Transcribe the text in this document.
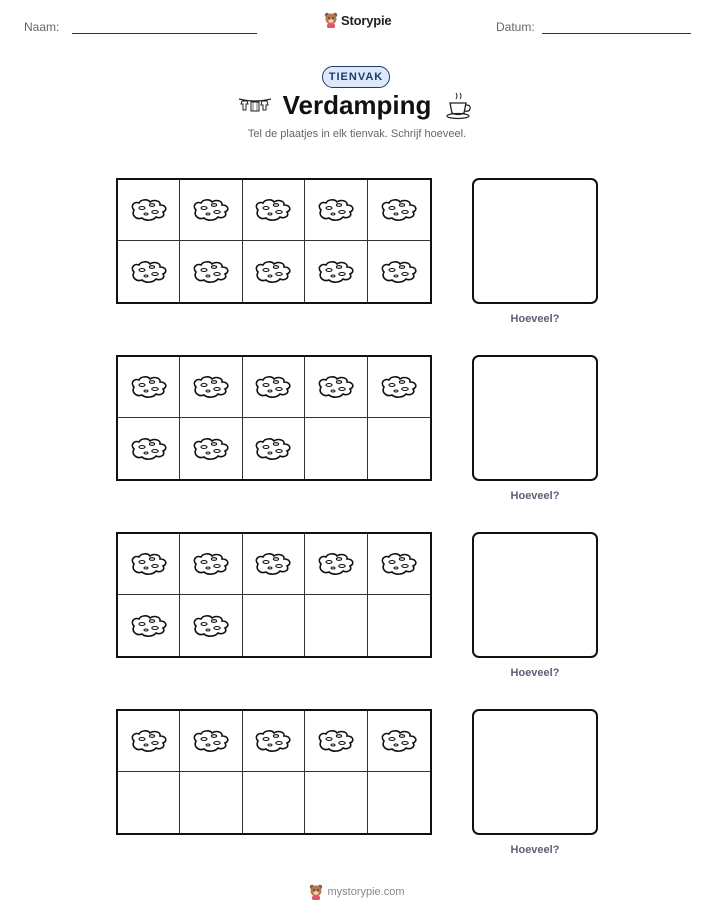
Naam:	Storypie	Datum:
TIENVAK
Verdamping
Tel de plaatjes in elk tienvak. Schrijf hoeveel.
Hoeveel?
Hoeveel?
Hoeveel?
Hoeveel?
mystorypie.com
